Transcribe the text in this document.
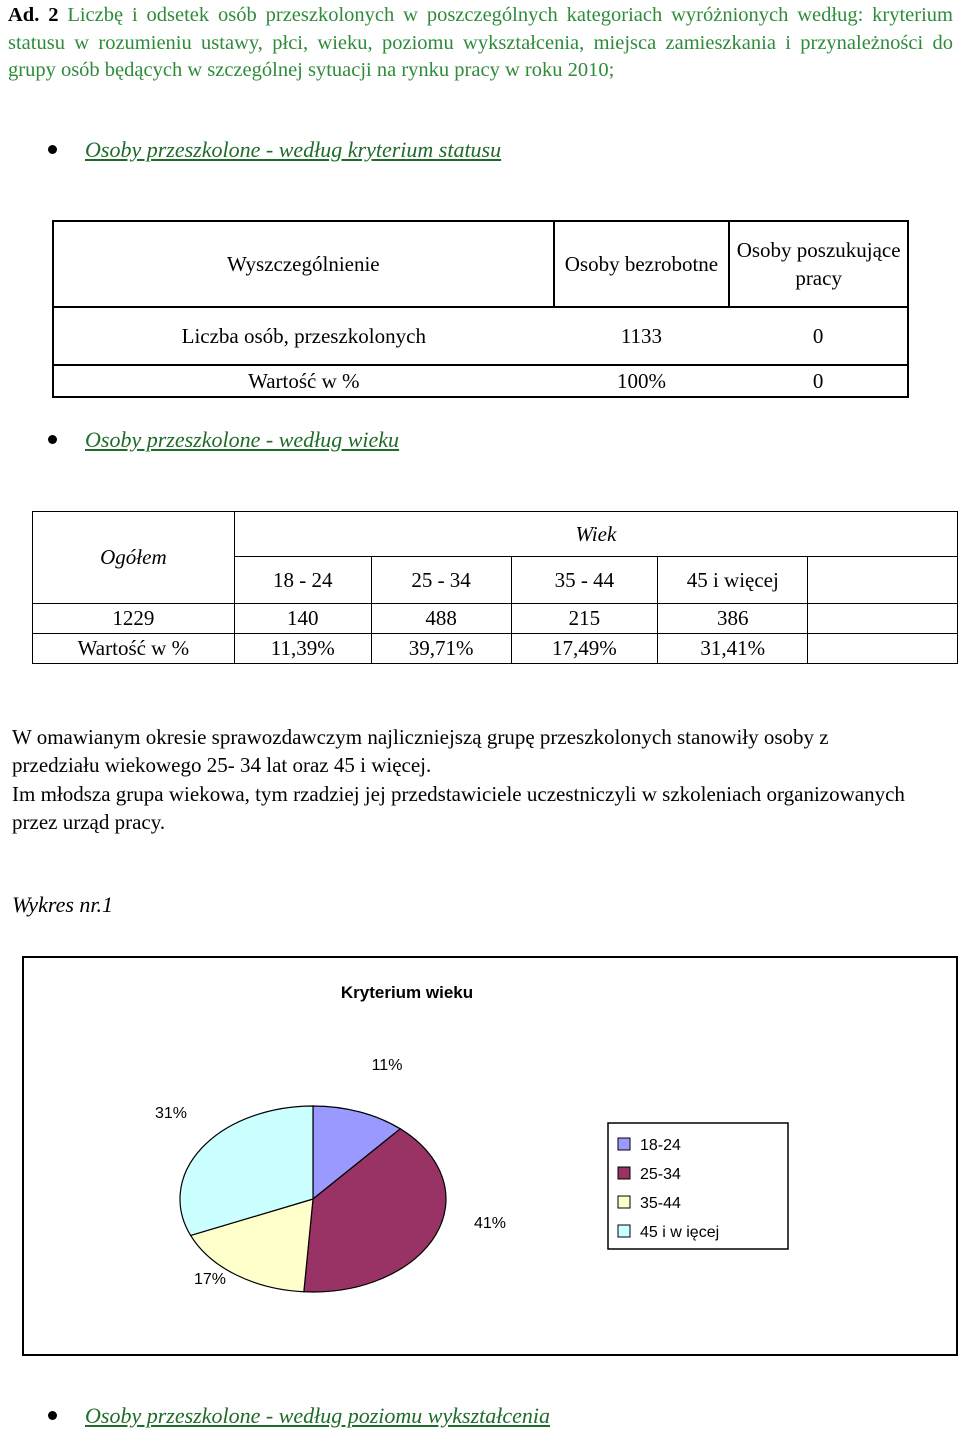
Ad. 2 Liczbę i odsetek osób przeszkolonych w poszczególnych kategoriach wyróżnionych według: kryterium statusu w rozumieniu ustawy, płci, wieku, poziomu wykształcenia, miejsca zamieszkania i przynależności do grupy osób będących w szczególnej sytuacji na rynku pracy w roku 2010;
Osoby przeszkolone - według kryterium statusu
Wyszczególnienie	Osoby bezrobotne	Osoby poszukujące pracy
Liczba osób, przeszkolonych	1133	0
Wartość w %	100%	0
Osoby przeszkolone - według wieku
Ogółem	Wiek				
	18 - 24	25 - 34	35 - 44	45 i więcej	
1229	140	488	215	386	
Wartość w %	11,39%	39,71%	17,49%	31,41%	
W omawianym okresie sprawozdawczym najliczniejszą grupę przeszkolonych stanowiły osoby z przedziału wiekowego 25- 34 lat oraz 45 i więcej.
Im młodsza grupa wiekowa, tym rzadziej jej przedstawiciele uczestniczyli w szkoleniach organizowanych przez urząd pracy.
Wykres nr.1
Kryterium wieku
11%
41%
17%
31%
18-24
25-34
35-44
45 i w ięcej
Osoby przeszkolone - według poziomu wykształcenia
